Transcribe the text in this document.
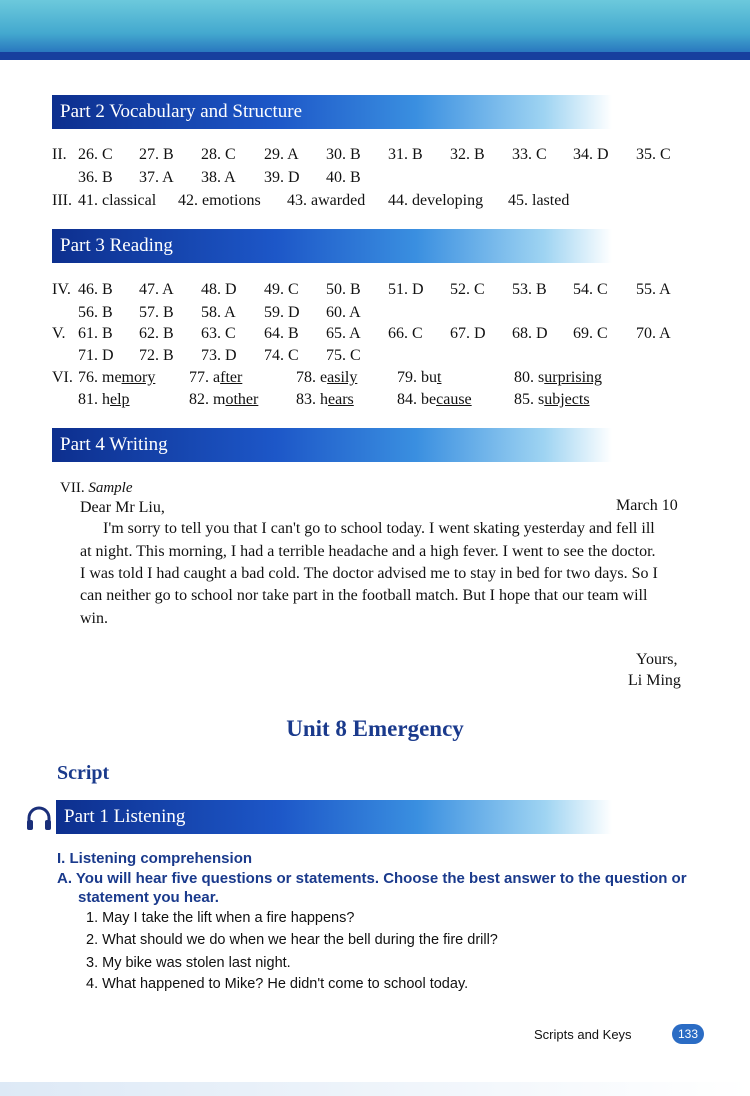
Part 2 Vocabulary and Structure
II. 26. C 27. B 28. C 29. A 30. B 31. B 32. B 33. C 34. D 35. C
36. B 37. A 38. A 39. D 40. B
III. 41. classical 42. emotions 43. awarded 44. developing 45. lasted
Part 3 Reading
IV. 46. B 47. A 48. D 49. C 50. B 51. D 52. C 53. B 54. C 55. A
56. B 57. B 58. A 59. D 60. A
V. 61. B 62. B 63. C 64. B 65. A 66. C 67. D 68. D 69. C 70. A
71. D 72. B 73. D 74. C 75. C
VI. 76. memory 77. after	78. easily 79. but	80. surprising
81. help	82. mother 83. hears	84. because	85. subjects
Part 4 Writing
VII. Sample
Dear Mr Liu,	March 10
I'm sorry to tell you that I can't go to school today. I went skating yesterday and fell ill
at night. This morning, I had a terrible headache and a high fever. I went to see the doctor.
I was told I had caught a bad cold. The doctor advised me to stay in bed for two days. So I
can neither go to school nor take part in the football match. But I hope that our team will
win.
Yours,
Li Ming
Unit 8 Emergency
Script
Part 1 Listening
I. Listening comprehension
A. You will hear five questions or statements. Choose the best answer to the question or
statement you hear.
1. May I take the lift when a fire happens?
2. What should we do when we hear the bell during the fire drill?
3. My bike was stolen last night.
4. What happened to Mike? He didn't come to school today.
Scripts and Keys	133
